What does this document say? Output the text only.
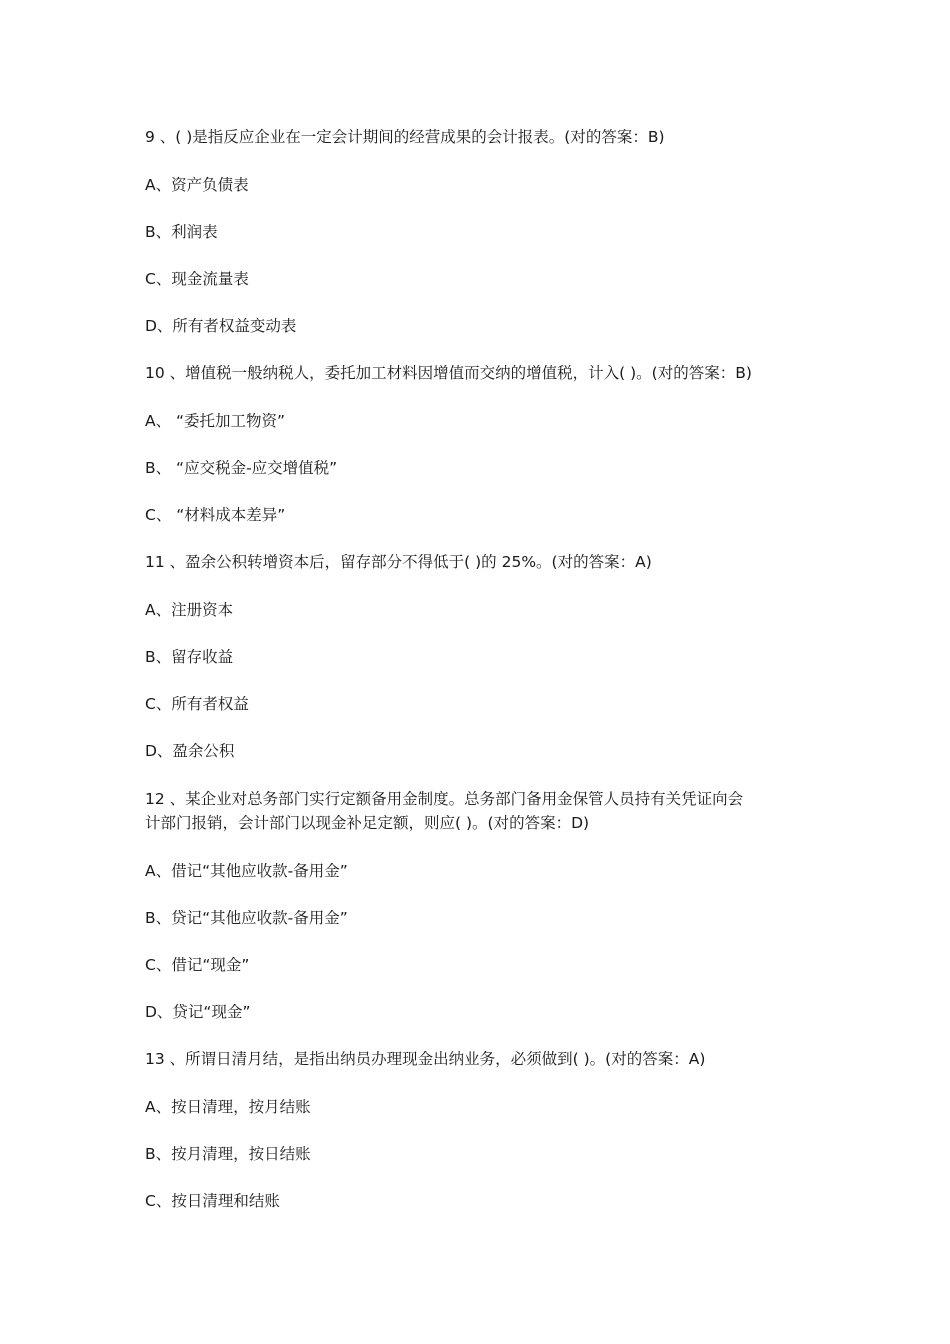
9 、( )是指反应企业在一定会计期间的经营成果的会计报表。(对的答案：B)
A、资产负债表
B、利润表
C、现金流量表
D、所有者权益变动表
10 、增值税一般纳税人，委托加工材料因增值而交纳的增值税，计入( )。(对的答案：B)
A、 “委托加工物资”
B、 “应交税金-应交增值税”
C、 “材料成本差异”
11 、盈余公积转增资本后，留存部分不得低于( )的 25%。(对的答案：A)
A、注册资本
B、留存收益
C、所有者权益
D、盈余公积
12 、某企业对总务部门实行定额备用金制度。总务部门备用金保管人员持有关凭证向会
计部门报销，会计部门以现金补足定额，则应( )。(对的答案：D)
A、借记“其他应收款-备用金”
B、贷记“其他应收款-备用金”
C、借记“现金”
D、贷记“现金”
13 、所谓日清月结，是指出纳员办理现金出纳业务，必须做到( )。(对的答案：A)
A、按日清理，按月结账
B、按月清理，按日结账
C、按日清理和结账
